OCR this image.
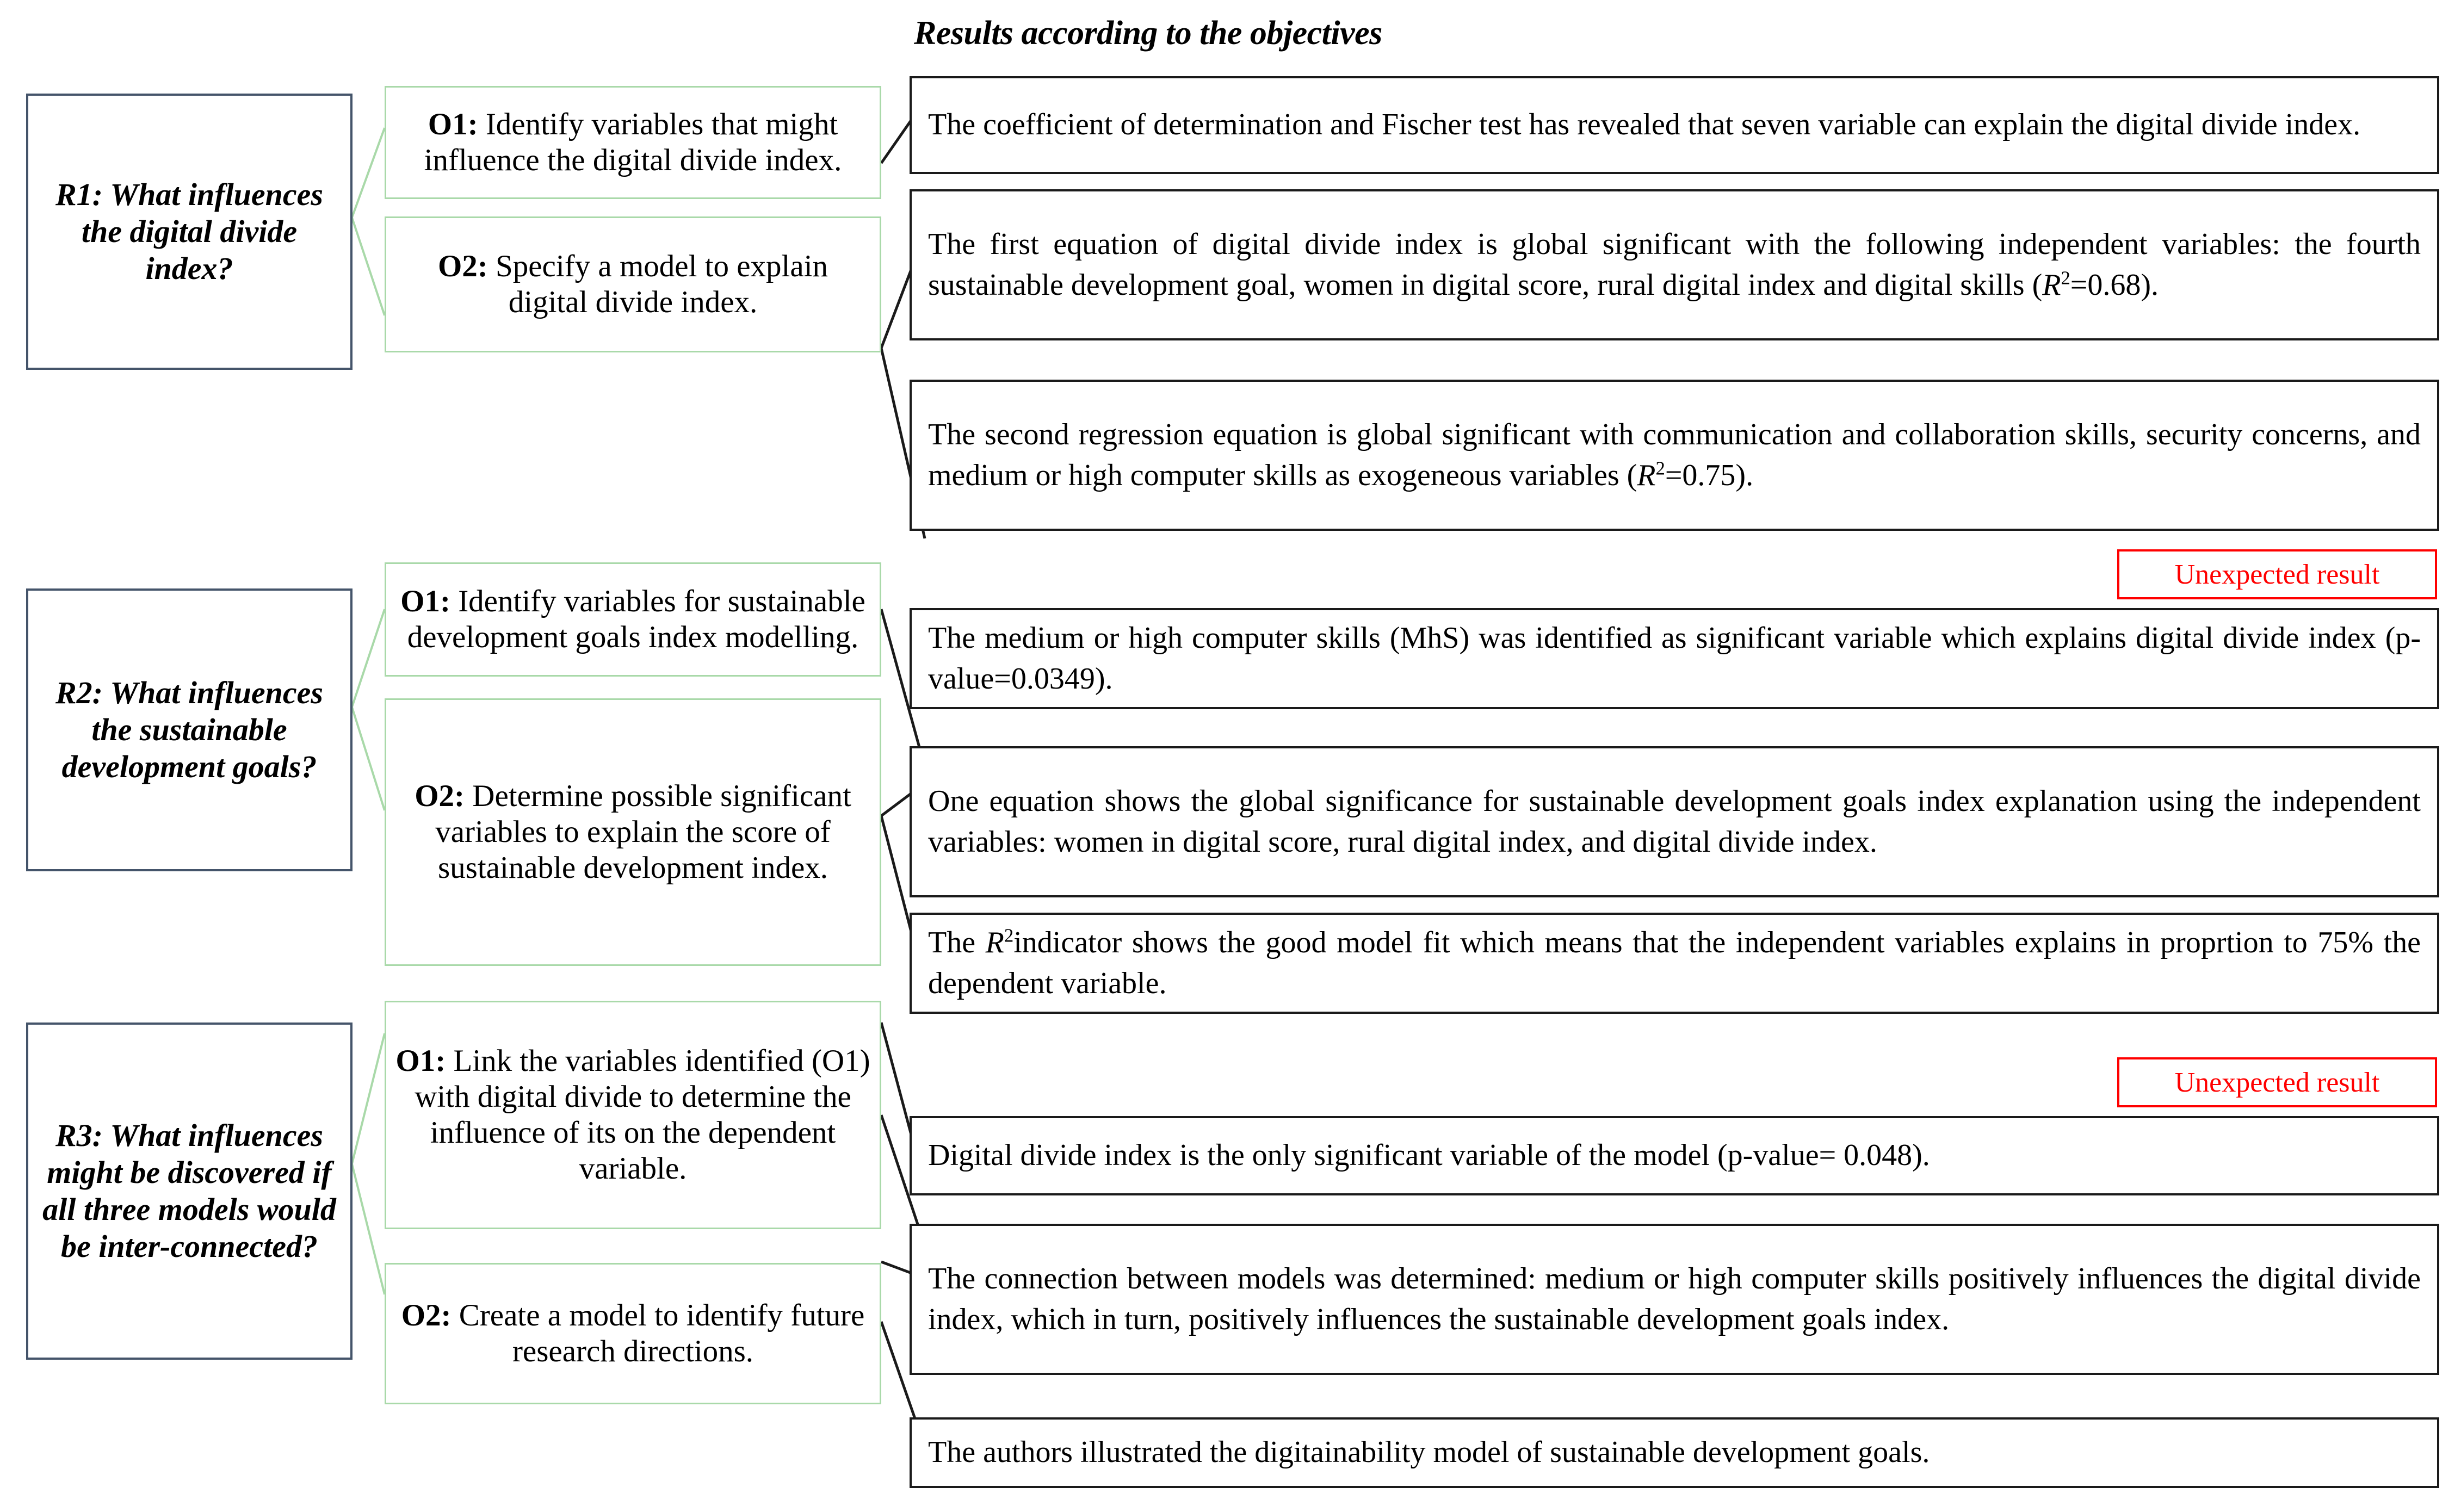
Results according to the objectives
R1: What influences the digital divide index?
R2: What influences the sustainable development goals?
R3: What influences might be discovered if all three models would be inter-connected?
O1: Identify variables that might influence the digital divide index.
O2: Specify a model to explain digital divide index.
O1: Identify variables for sustainable development goals index modelling.
O2: Determine possible significant variables to explain the score of sustainable development index.
O1: Link the variables identified (O1) with digital divide to determine the influence of its on the dependent variable.
O2: Create a model to identify future research directions.
The coefficient of determination and Fischer test has revealed that seven variable can explain the digital divide index.
The first equation of digital divide index is global significant with the following independent variables: the fourth sustainable development goal, women in digital score, rural digital index and digital skills $(R^2=0.68)$.
The second regression equation is global significant with communication and collaboration skills, security concerns, and medium or high computer skills as exogeneous variables $(R^2=0.75)$.
Unexpected result
The medium or high computer skills (MhS) was identified as significant variable which explains digital divide index (p-value=0.0349).
One equation shows the global significance for sustainable development goals index explanation using the independent variables: women in digital score, rural digital index, and digital divide index.
The $R^2indicator$ shows the good model fit which means that the independent variables explains in proprtion to 75% the dependent variable.
Unexpected result
Digital divide index is the only significant variable of the model (p-value= 0.048).
The connection between models was determined: medium or high computer skills positively influences the digital divide index, which in turn, positively influences the sustainable development goals index.
The authors illustrated the digitainability model of sustainable development goals.
